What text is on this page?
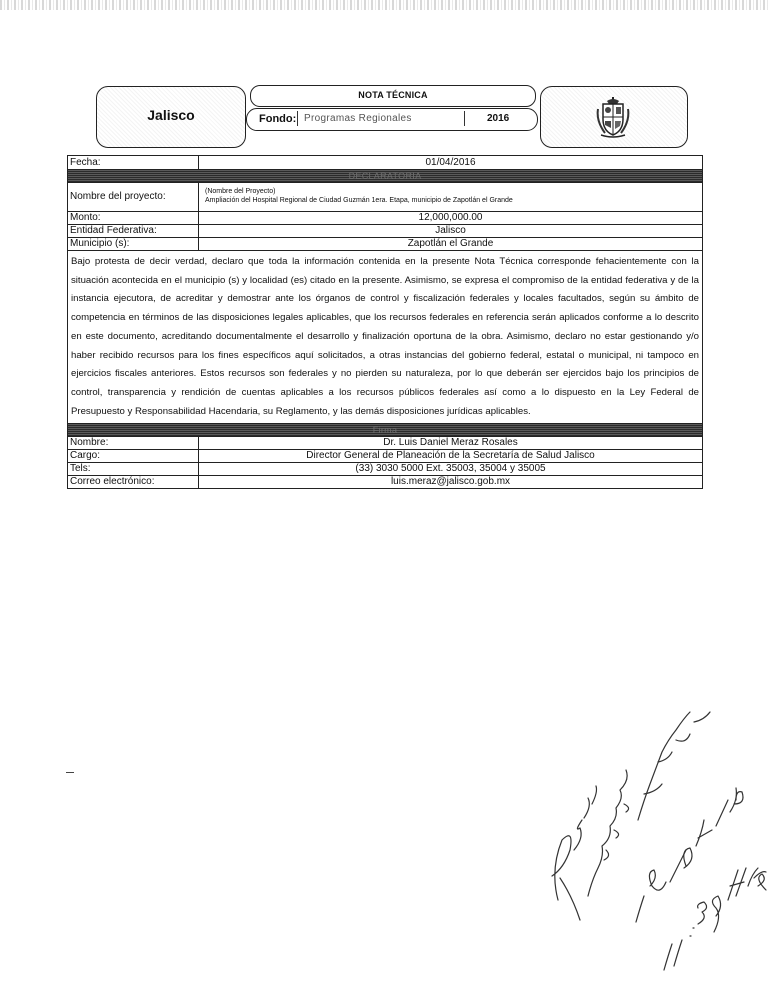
Jalisco
NOTA TÉCNICA
Fondo: Programas Regionales	2016
Fecha:	01/04/2016
DECLARATORIA
Nombre del proyecto:	(Nombre del Proyecto)
Ampliación del Hospital Regional de Ciudad Guzmán 1era. Etapa, municipio de Zapotlán el Grande
Monto:	12,000,000.00
Entidad Federativa:	Jalisco
Municipio (s):	Zapotlán el Grande
Bajo protesta de decir verdad, declaro que toda la información contenida en la presente Nota Técnica corresponde fehacientemente con la situación acontecida en el municipio (s) y localidad (es) citado en la presente. Asimismo, se expresa el compromiso de la entidad federativa y de la instancia ejecutora, de acreditar y demostrar ante los órganos de control y fiscalización federales y locales facultados, según su ámbito de competencia en términos de las disposiciones legales aplicables, que los recursos federales en referencia serán aplicados conforme a lo descrito en este documento, acreditando documentalmente el desarrollo y finalización oportuna de la obra. Asimismo, declaro no estar gestionando y/o haber recibido recursos para los fines específicos aquí solicitados, a otras instancias del gobierno federal, estatal o municipal, ni tampoco en ejercicios fiscales anteriores. Estos recursos son federales y no pierden su naturaleza, por lo que deberán ser ejercidos bajo los principios de control, transparencia y rendición de cuentas aplicables a los recursos públicos federales así como a lo dispuesto en la Ley Federal de Presupuesto y Responsabilidad Hacendaria, su Reglamento, y las demás disposiciones jurídicas aplicables.
Firma
Nombre:	Dr. Luis Daniel Meraz Rosales
Cargo:	Director General de Planeación de la Secretaría de Salud Jalisco
Tels:	(33) 3030 5000 Ext. 35003, 35004 y 35005
Correo electrónico:	luis.meraz@jalisco.gob.mx
